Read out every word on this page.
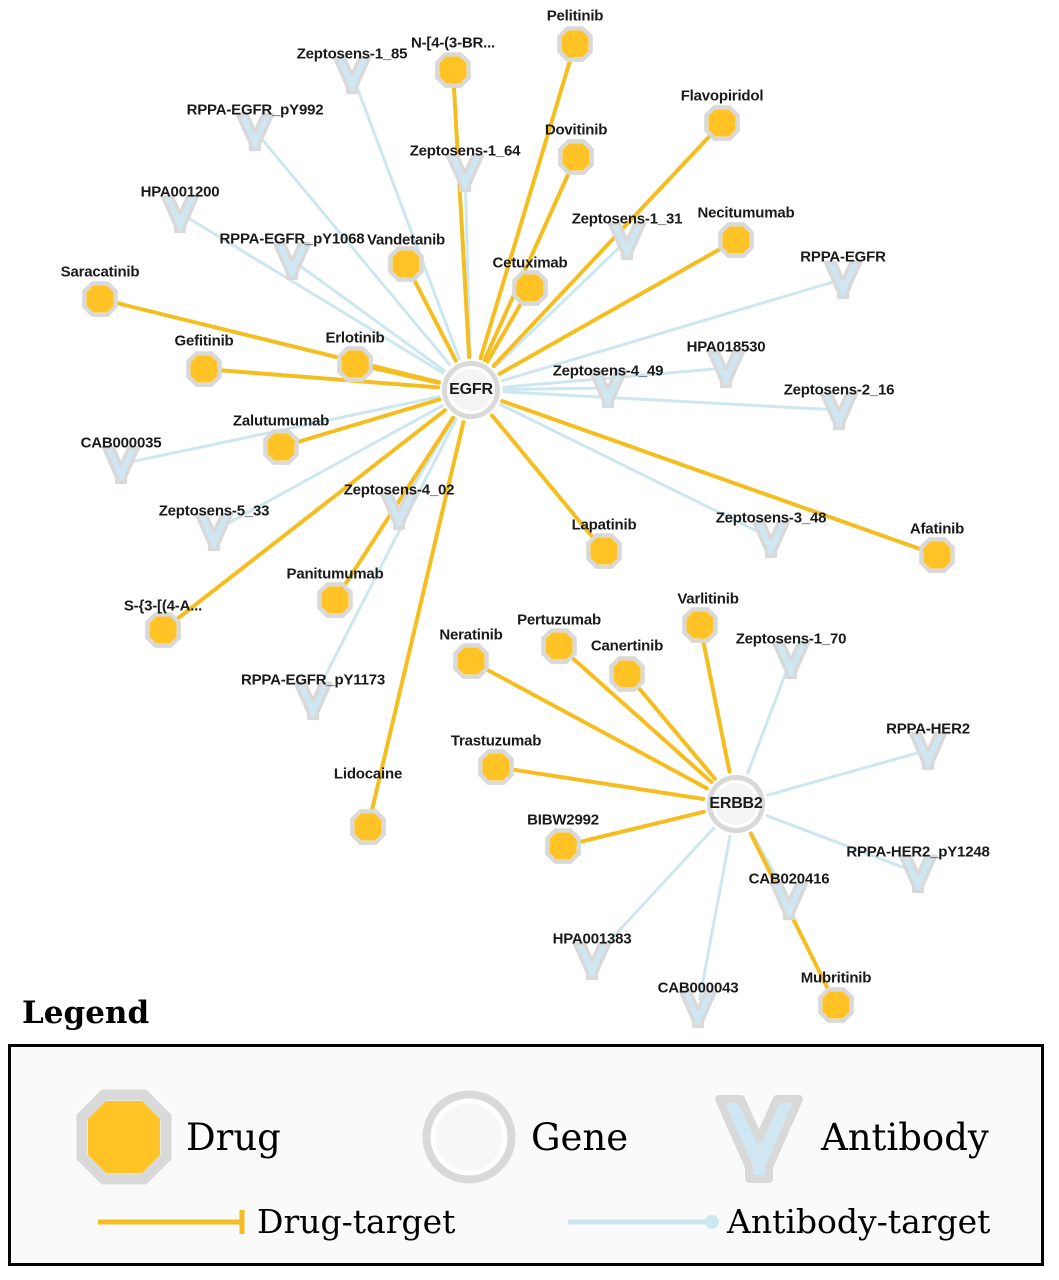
Zeptosens-1_85
RPPA-EGFR_pY992
Zeptosens-1_64
HPA001200
Zeptosens-1_31
RPPA-EGFR_pY1068
RPPA-EGFR
HPA018530
Zeptosens-4_49
Zeptosens-2_16
CAB000035
Zeptosens-4_02
Zeptosens-5_33	Zeptosens-3_48
Zeptosens-1_70
RPPA-EGFR_pY1173
RPPA-HER2
RPPA-HER2_pY1248
CAB020416
HPA001383
CAB000043
Pelitinib
N-[4-(3-BR...
Flavopiridol
Dovitinib
Necitumumab
Vandetanib
Cetuximab
Saracatinib
Gefitinib	Erlotinib
Zalutumumab
Afatinib
Lapatinib
Varlitinib
Panitumumab
S-{3-[(4-A...
Pertuzumab
Neratinib
Canertinib
Trastuzumab
Lidocaine
BIBW2992
Mubritinib
EGFR
ERBB2
Legend
Drug	Gene	Antibody
Drug-target	Antibody-target
